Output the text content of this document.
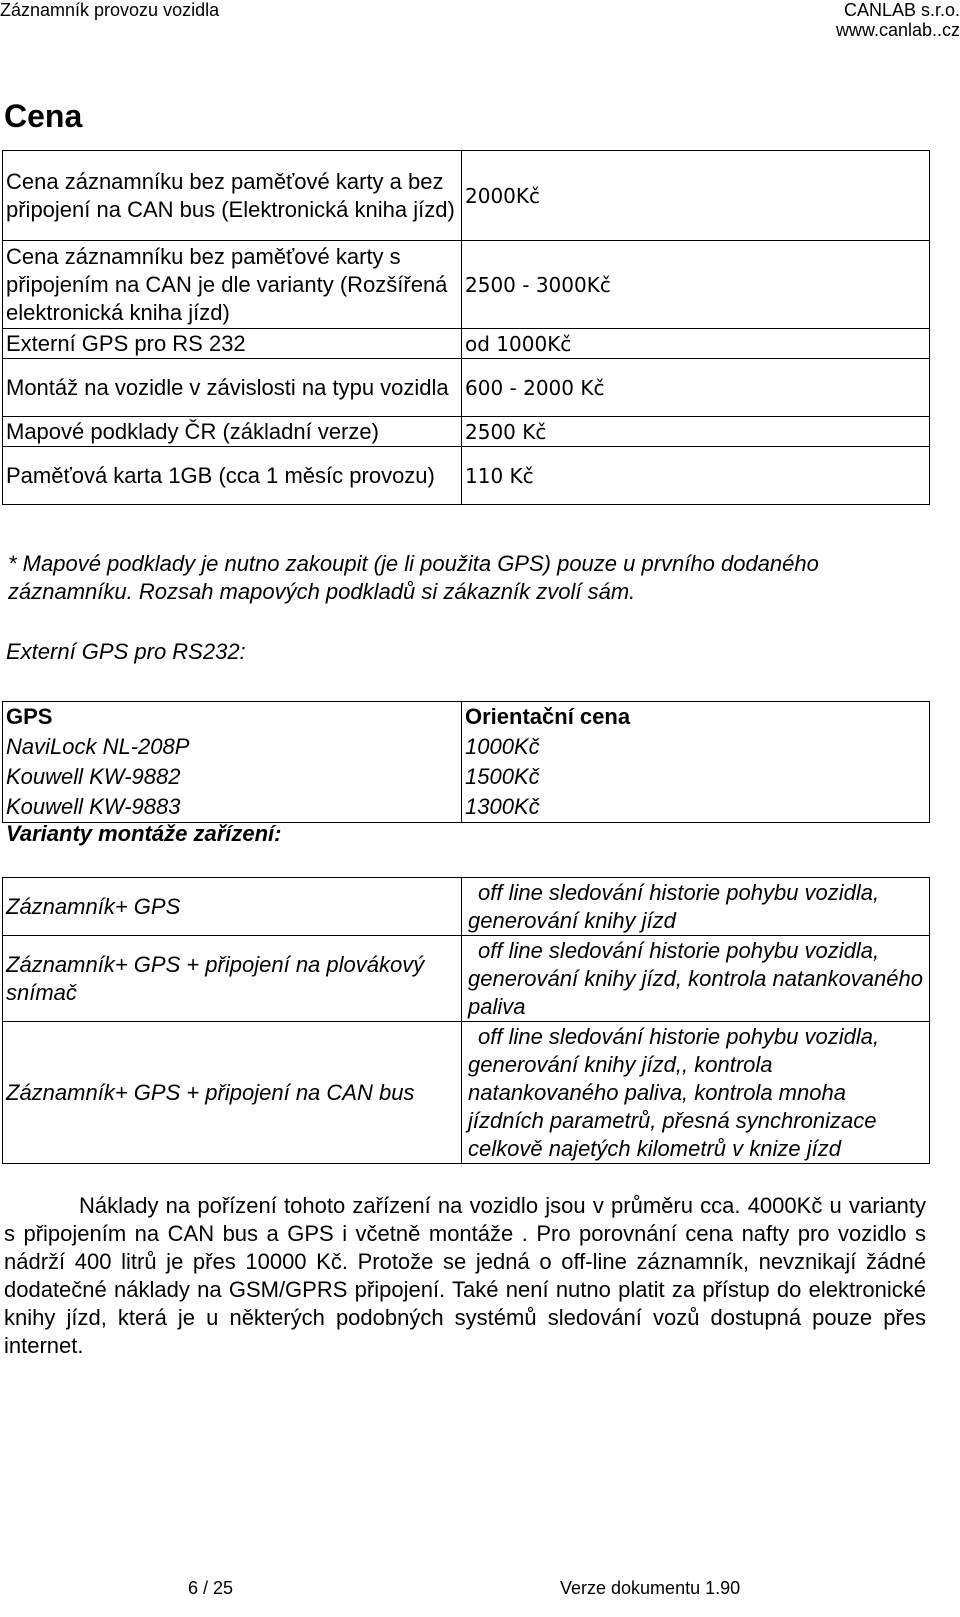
Záznamník provozu vozidla	CANLAB s.r.o.
www.canlab..cz
Cena
Cena záznamníku bez paměťové karty a bez připojení na CAN bus (Elektronická kniha jízd)	2000Kč
Cena záznamníku bez paměťové karty s připojením na CAN je dle varianty (Rozšířená elektronická kniha jízd)	2500 - 3000Kč
Externí GPS pro RS 232	od 1000Kč
Montáž na vozidle v závislosti na typu vozidla	600 - 2000 Kč
Mapové podklady ČR (základní verze)	2500 Kč
Paměťová karta 1GB (cca 1 měsíc provozu)	110 Kč
* Mapové podklady je nutno zakoupit (je li použita GPS) pouze u prvního dodaného záznamníku. Rozsah mapových podkladů si zákazník zvolí sám.
Externí GPS pro RS232:
GPS	Orientační cena
NaviLock NL-208P	1000Kč
Kouwell KW-9882	1500Kč
Kouwell KW-9883	1300Kč
Varianty montáže zařízení:
Záznamník+ GPS	off line sledování historie pohybu vozidla,
generování knihy jízd
Záznamník+ GPS + připojení na plovákový snímač	off line sledování historie pohybu vozidla,
generování knihy jízd, kontrola natankovaného paliva
Záznamník+ GPS + připojení na CAN bus	off line sledování historie pohybu vozidla,
generování knihy jízd,, kontrola natankovaného paliva, kontrola mnoha jízdních parametrů, přesná synchronizace celkově najetých kilometrů v knize jízd
Náklady na pořízení tohoto zařízení na vozidlo jsou v průměru cca. 4000Kč u varianty s připojením na CAN bus a GPS i včetně montáže . Pro porovnání cena nafty pro vozidlo s nádrží 400 litrů je přes 10000 Kč. Protože se jedná o off-line záznamník, nevznikají žádné dodatečné náklady na GSM/GPRS připojení. Také není nutno platit za přístup do elektronické knihy jízd, která je u některých podobných systémů sledování vozů dostupná pouze přes internet.
6 / 25	Verze dokumentu 1.90
